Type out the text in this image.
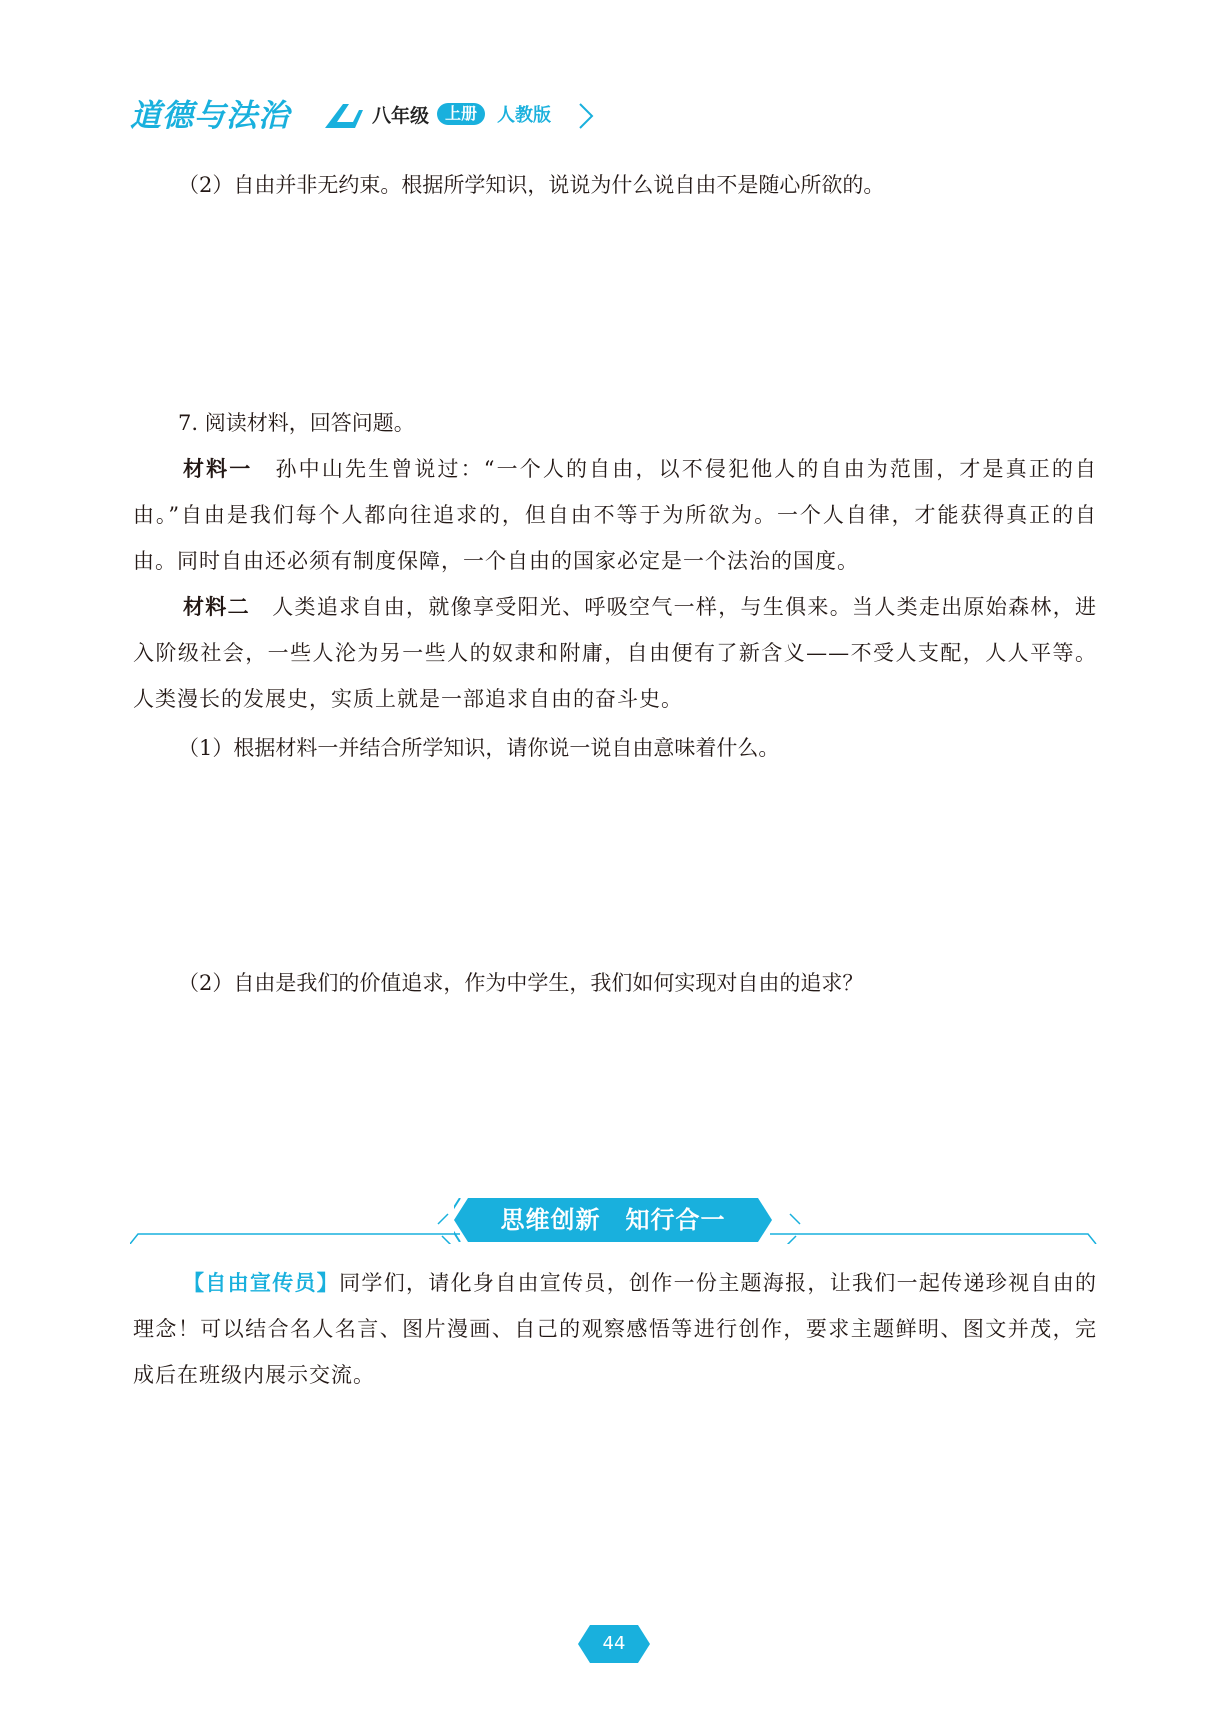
道德与法治	八年级 上册	人教版
（2）自由并非无约束。根据所学知识，说说为什么说自由不是随心所欲的。
7. 阅读材料，回答问题。
材料一　 孙中山先生曾说过：“一个人的自由，以不侵犯他人的自由为范围，才是真正的自由。”自由是我们每个人都向往追求的，但自由不等于为所欲为。一个人自律，才能获得真正的自由。同时自由还必须有制度保障，一个自由的国家必定是一个法治的国度。
材料二　 人类追求自由，就像享受阳光、呼吸空气一样，与生俱来。当人类走出原始森林，进入阶级社会，一些人沦为另一些人的奴隶和附庸，自由便有了新含义——不受人支配，人人平等。人类漫长的发展史，实质上就是一部追求自由的奋斗史。
（1）根据材料一并结合所学知识，请你说一说自由意味着什么。
（2）自由是我们的价值追求，作为中学生，我们如何实现对自由的追求？
思维创新　知行合一
【自由宣传员】同学们，请化身自由宣传员，创作一份主题海报，让我们一起传递珍视自由的理念！可以结合名人名言、图片漫画、自己的观察感悟等进行创作，要求主题鲜明、图文并茂，完成后在班级内展示交流。
44
